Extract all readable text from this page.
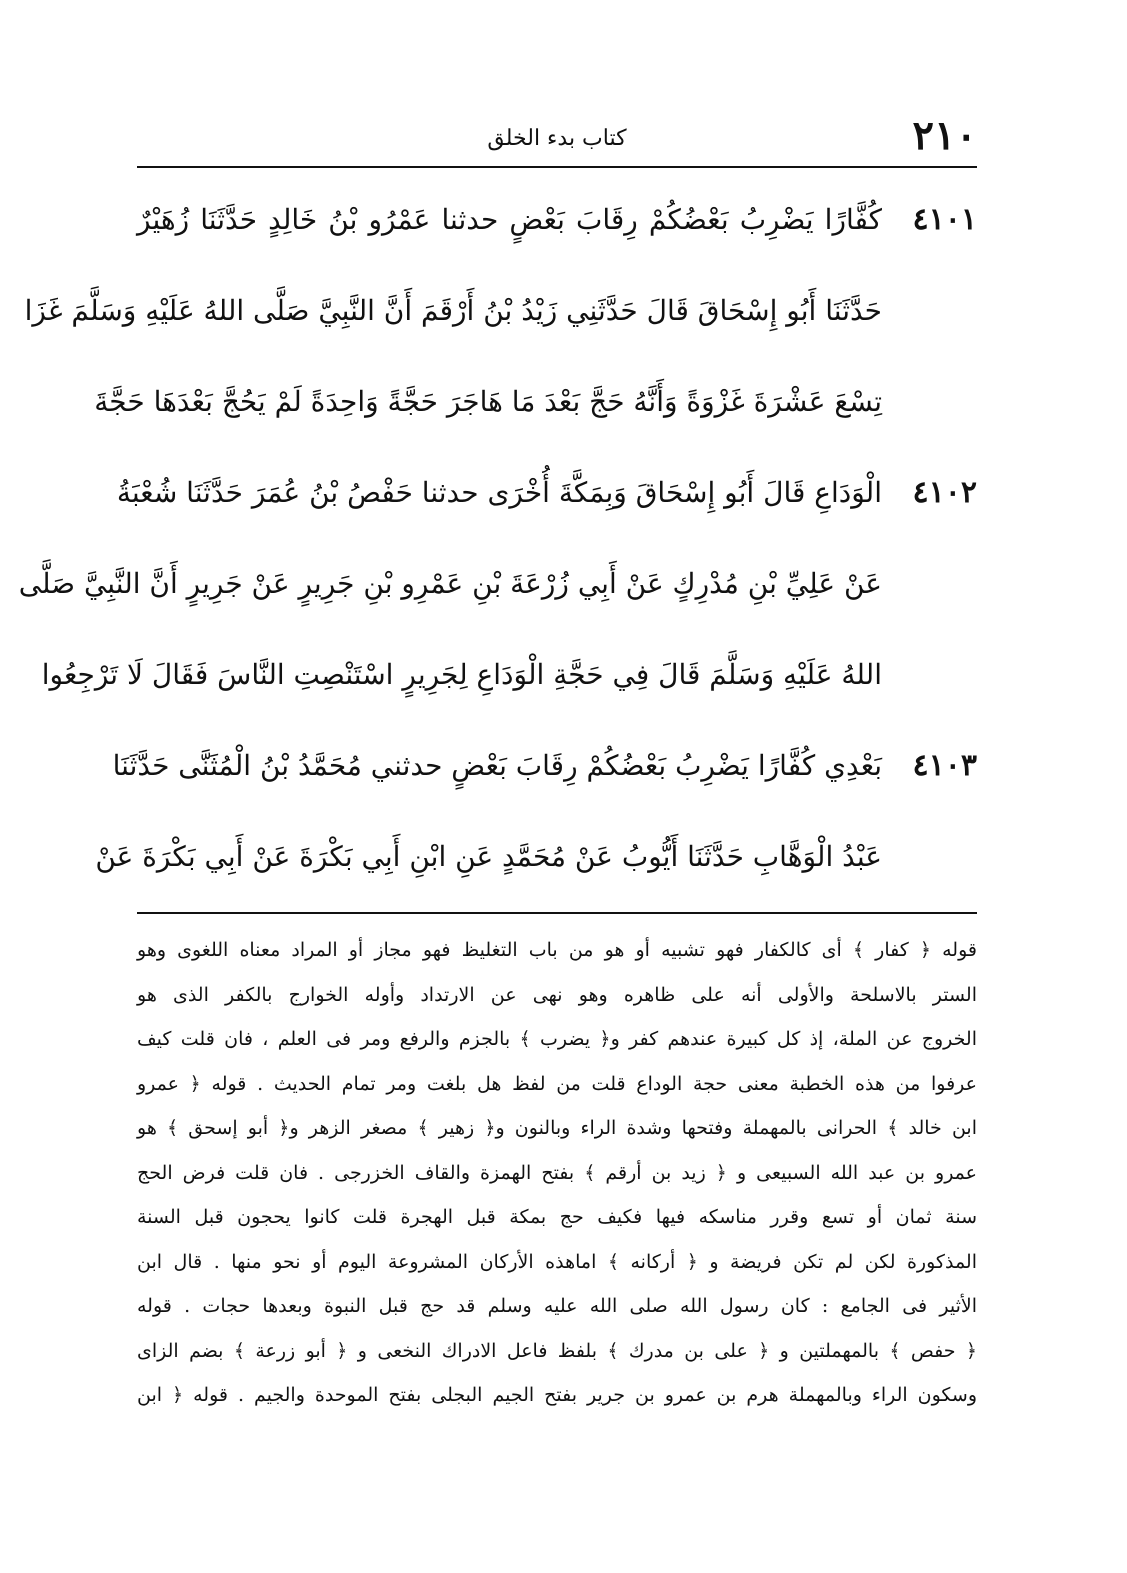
٢١٠
كتاب بدء الخلق
٤١٠١
كُفَّارًا يَضْرِبُ بَعْضُكُمْ رِقَابَ بَعْضٍ حدثنا عَمْرُو بْنُ خَالِدٍ حَدَّثَنَا زُهَيْرٌ
حَدَّثَنَا أَبُو إِسْحَاقَ قَالَ حَدَّثَنِي زَيْدُ بْنُ أَرْقَمَ أَنَّ النَّبِيَّ صَلَّى اللهُ عَلَيْهِ وَسَلَّمَ غَزَا
تِسْعَ عَشْرَةَ غَزْوَةً وَأَنَّهُ حَجَّ بَعْدَ مَا هَاجَرَ حَجَّةً وَاحِدَةً لَمْ يَحُجَّ بَعْدَهَا حَجَّةَ
٤١٠٢
الْوَدَاعِ قَالَ أَبُو إِسْحَاقَ وَبِمَكَّةَ أُخْرَى حدثنا حَفْصُ بْنُ عُمَرَ حَدَّثَنَا شُعْبَةُ
عَنْ عَلِيِّ بْنِ مُدْرِكٍ عَنْ أَبِي زُرْعَةَ بْنِ عَمْرِو بْنِ جَرِيرٍ عَنْ جَرِيرٍ أَنَّ النَّبِيَّ صَلَّى
اللهُ عَلَيْهِ وَسَلَّمَ قَالَ فِي حَجَّةِ الْوَدَاعِ لِجَرِيرٍ اسْتَنْصِتِ النَّاسَ فَقَالَ لَا تَرْجِعُوا
٤١٠٣
بَعْدِي كُفَّارًا يَضْرِبُ بَعْضُكُمْ رِقَابَ بَعْضٍ حدثني مُحَمَّدُ بْنُ الْمُثَنَّى حَدَّثَنَا
عَبْدُ الْوَهَّابِ حَدَّثَنَا أَيُّوبُ عَنْ مُحَمَّدٍ عَنِ ابْنِ أَبِي بَكْرَةَ عَنْ أَبِي بَكْرَةَ عَنْ
قوله ﴿ كفار ﴾ أى كالكفار فهو تشبيه أو هو من باب التغليظ فهو مجاز أو المراد معناه اللغوى وهو
الستر بالاسلحة والأولى أنه على ظاهره وهو نهى عن الارتداد وأوله الخوارج بالكفر الذى هو
الخروج عن الملة، إذ كل كبيرة عندهم كفر و﴿ يضرب ﴾ بالجزم والرفع ومر فى العلم ، فان قلت كيف
عرفوا من هذه الخطبة معنى حجة الوداع قلت من لفظ هل بلغت ومر تمام الحديث . قوله ﴿ عمرو
ابن خالد ﴾ الحرانى بالمهملة وفتحها وشدة الراء وبالنون و﴿ زهير ﴾ مصغر الزهر و﴿ أبو إسحق ﴾ هو
عمرو بن عبد الله السبيعى و ﴿ زيد بن أرقم ﴾ بفتح الهمزة والقاف الخزرجى . فان قلت فرض الحج
سنة ثمان أو تسع وقرر مناسكه فيها فكيف حج بمكة قبل الهجرة قلت كانوا يحجون قبل السنة
المذكورة لكن لم تكن فريضة و ﴿ أركانه ﴾ اماهذه الأركان المشروعة اليوم أو نحو منها . قال ابن
الأثير فى الجامع : كان رسول الله صلى الله عليه وسلم قد حج قبل النبوة وبعدها حجات . قوله
﴿ حفص ﴾ بالمهملتين و ﴿ على بن مدرك ﴾ بلفظ فاعل الادراك النخعى و ﴿ أبو زرعة ﴾ بضم الزاى
وسكون الراء وبالمهملة هرم بن عمرو بن جرير بفتح الجيم البجلى بفتح الموحدة والجيم . قوله ﴿ ابن
